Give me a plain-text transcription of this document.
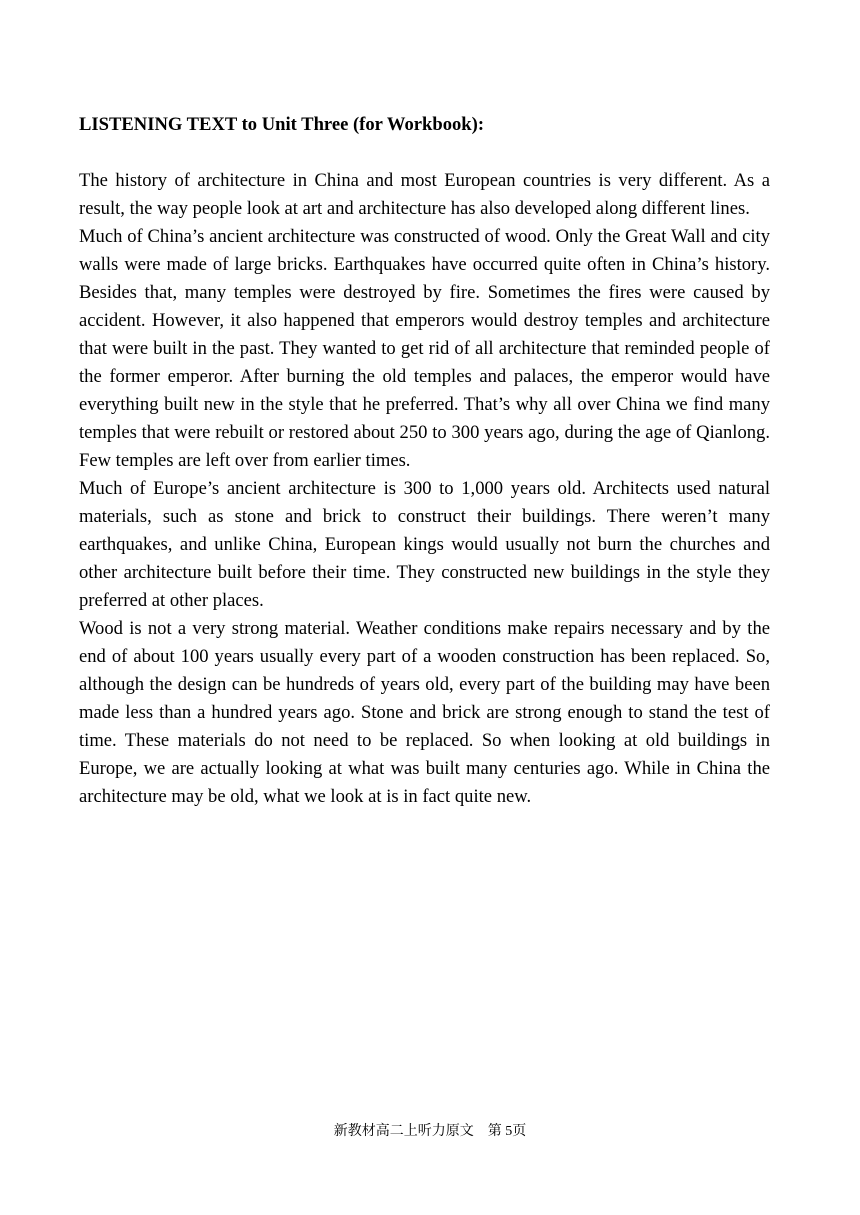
LISTENING TEXT to Unit Three (for Workbook):

The history of architecture in China and most European countries is very different. As a result, the way people look at art and architecture has also developed along different lines.

Much of China’s ancient architecture was constructed of wood. Only the Great Wall and city walls were made of large bricks. Earthquakes have occurred quite often in China’s history. Besides that, many temples were destroyed by fire. Sometimes the fires were caused by accident. However, it also happened that emperors would destroy temples and architecture that were built in the past. They wanted to get rid of all architecture that reminded people of the former emperor. After burning the old temples and palaces, the emperor would have everything built new in the style that he preferred. That’s why all over China we find many temples that were rebuilt or restored about 250 to 300 years ago, during the age of Qianlong. Few temples are left over from earlier times.

Much of Europe’s ancient architecture is 300 to 1,000 years old. Architects used natural materials, such as stone and brick to construct their buildings. There weren’t many earthquakes, and unlike China, European kings would usually not burn the churches and other architecture built before their time. They constructed new buildings in the style they preferred at other places.

Wood is not a very strong material. Weather conditions make repairs necessary and by the end of about 100 years usually every part of a wooden construction has been replaced. So, although the design can be hundreds of years old, every part of the building may have been made less than a hundred years ago. Stone and brick are strong enough to stand the test of time. These materials do not need to be replaced. So when looking at old buildings in Europe, we are actually looking at what was built many centuries ago. While in China the architecture may be old, what we look at is in fact quite new.

新教材高二上听力原文 第 5页
